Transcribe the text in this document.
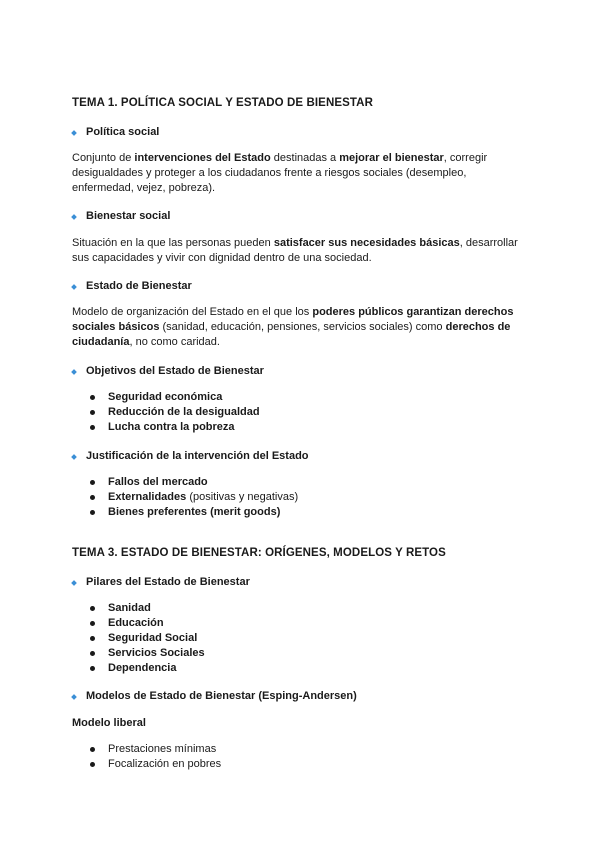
TEMA 1. POLÍTICA SOCIAL Y ESTADO DE BIENESTAR
Política social
Conjunto de intervenciones del Estado destinadas a mejorar el bienestar, corregir desigualdades y proteger a los ciudadanos frente a riesgos sociales (desempleo, enfermedad, vejez, pobreza).
Bienestar social
Situación en la que las personas pueden satisfacer sus necesidades básicas, desarrollar sus capacidades y vivir con dignidad dentro de una sociedad.
Estado de Bienestar
Modelo de organización del Estado en el que los poderes públicos garantizan derechos sociales básicos (sanidad, educación, pensiones, servicios sociales) como derechos de ciudadanía, no como caridad.
Objetivos del Estado de Bienestar
Seguridad económica
Reducción de la desigualdad
Lucha contra la pobreza
Justificación de la intervención del Estado
Fallos del mercado
Externalidades (positivas y negativas)
Bienes preferentes (merit goods)
TEMA 3. ESTADO DE BIENESTAR: ORÍGENES, MODELOS Y RETOS
Pilares del Estado de Bienestar
Sanidad
Educación
Seguridad Social
Servicios Sociales
Dependencia
Modelos de Estado de Bienestar (Esping-Andersen)
Modelo liberal
Prestaciones mínimas
Focalización en pobres
